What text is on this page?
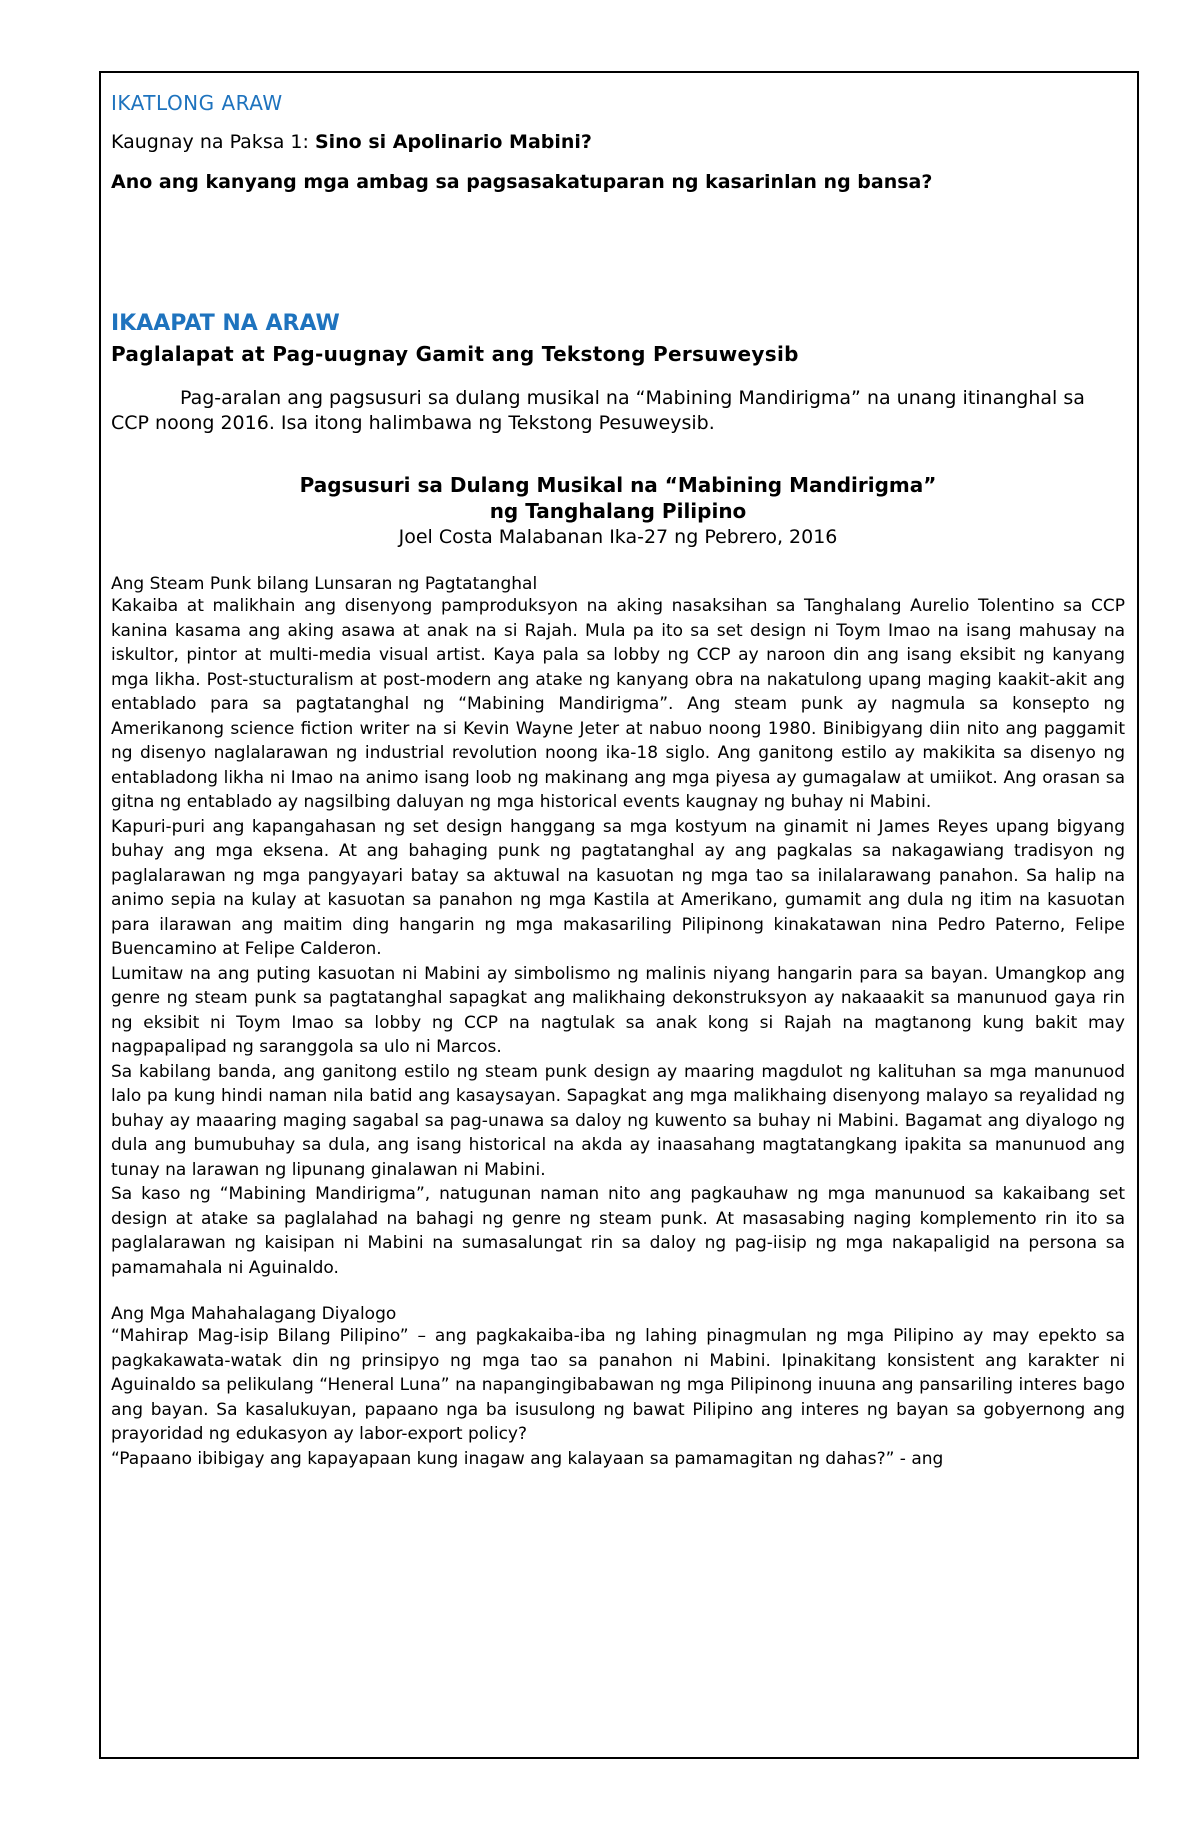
IKATLONG ARAW
Kaugnay na Paksa 1: Sino si Apolinario Mabini?
Ano ang kanyang mga ambag sa pagsasakatuparan ng kasarinlan ng bansa?
IKAAPAT NA ARAW
Paglalapat at Pag-uugnay Gamit ang Tekstong Persuweysib
Pag-aralan ang pagsusuri sa dulang musikal na “Mabining Mandirigma” na unang itinanghal sa CCP noong 2016. Isa itong halimbawa ng Tekstong Pesuweysib.
Pagsusuri sa Dulang Musikal na “Mabining Mandirigma”
ng Tanghalang Pilipino
Joel Costa Malabanan Ika-27 ng Pebrero, 2016
Ang Steam Punk bilang Lunsaran ng Pagtatanghal

Kakaiba at malikhain ang disenyong pamproduksyon na aking nasaksihan sa Tanghalang Aurelio Tolentino sa CCP kanina kasama ang aking asawa at anak na si Rajah. Mula pa ito sa set design ni Toym Imao na isang mahusay na iskultor, pintor at multi-media visual artist. Kaya pala sa lobby ng CCP ay naroon din ang isang eksibit ng kanyang mga likha. Post-stucturalism at post-modern ang atake ng kanyang obra na nakatulong upang maging kaakit-akit ang entablado para sa pagtatanghal ng “Mabining Mandirigma”. Ang steam punk ay nagmula sa konsepto ng Amerikanong science fiction writer na si Kevin Wayne Jeter at nabuo noong 1980. Binibigyang diin nito ang paggamit ng disenyo naglalarawan ng industrial revolution noong ika-18 siglo. Ang ganitong estilo ay makikita sa disenyo ng entabladong likha ni Imao na animo isang loob ng makinang ang mga piyesa ay gumagalaw at umiikot. Ang orasan sa gitna ng entablado ay nagsilbing daluyan ng mga historical events kaugnay ng buhay ni Mabini.

Kapuri-puri ang kapangahasan ng set design hanggang sa mga kostyum na ginamit ni James Reyes upang bigyang buhay ang mga eksena. At ang bahaging punk ng pagtatanghal ay ang pagkalas sa nakagawiang tradisyon ng paglalarawan ng mga pangyayari batay sa aktuwal na kasuotan ng mga tao sa inilalarawang panahon. Sa halip na animo sepia na kulay at kasuotan sa panahon ng mga Kastila at Amerikano, gumamit ang dula ng itim na kasuotan para ilarawan ang maitim ding hangarin ng mga makasariling Pilipinong kinakatawan nina Pedro Paterno, Felipe Buencamino at Felipe Calderon.

Lumitaw na ang puting kasuotan ni Mabini ay simbolismo ng malinis niyang hangarin para sa bayan. Umangkop ang genre ng steam punk sa pagtatanghal sapagkat ang malikhaing dekonstruksyon ay nakaaakit sa manunuod gaya rin ng eksibit ni Toym Imao sa lobby ng CCP na nagtulak sa anak kong si Rajah na magtanong kung bakit may nagpapalipad ng saranggola sa ulo ni Marcos.

Sa kabilang banda, ang ganitong estilo ng steam punk design ay maaring magdulot ng kalituhan sa mga manunuod lalo pa kung hindi naman nila batid ang kasaysayan. Sapagkat ang mga malikhaing disenyong malayo sa reyalidad ng buhay ay maaaring maging sagabal sa pag-unawa sa daloy ng kuwento sa buhay ni Mabini. Bagamat ang diyalogo ng dula ang bumubuhay sa dula, ang isang historical na akda ay inaasahang magtatangkang ipakita sa manunuod ang tunay na larawan ng lipunang ginalawan ni Mabini.

Sa kaso ng “Mabining Mandirigma”, natugunan naman nito ang pagkauhaw ng mga manunuod sa kakaibang set design at atake sa paglalahad na bahagi ng genre ng steam punk. At masasabing naging komplemento rin ito sa paglalarawan ng kaisipan ni Mabini na sumasalungat rin sa daloy ng pag-iisip ng mga nakapaligid na persona sa pamamahala ni Aguinaldo.

Ang Mga Mahahalagang Diyalogo

“Mahirap Mag-isip Bilang Pilipino” – ang pagkakaiba-iba ng lahing pinagmulan ng mga Pilipino ay may epekto sa pagkakawata-watak din ng prinsipyo ng mga tao sa panahon ni Mabini. Ipinakitang konsistent ang karakter ni Aguinaldo sa pelikulang “Heneral Luna” na napangingibabawan ng mga Pilipinong inuuna ang pansariling interes bago ang bayan. Sa kasalukuyan, papaano nga ba isusulong ng bawat Pilipino ang interes ng bayan sa gobyernong ang prayoridad ng edukasyon ay labor-export policy?

“Papaano ibibigay ang kapayapaan kung inagaw ang kalayaan sa pamamagitan ng dahas?” - ang
